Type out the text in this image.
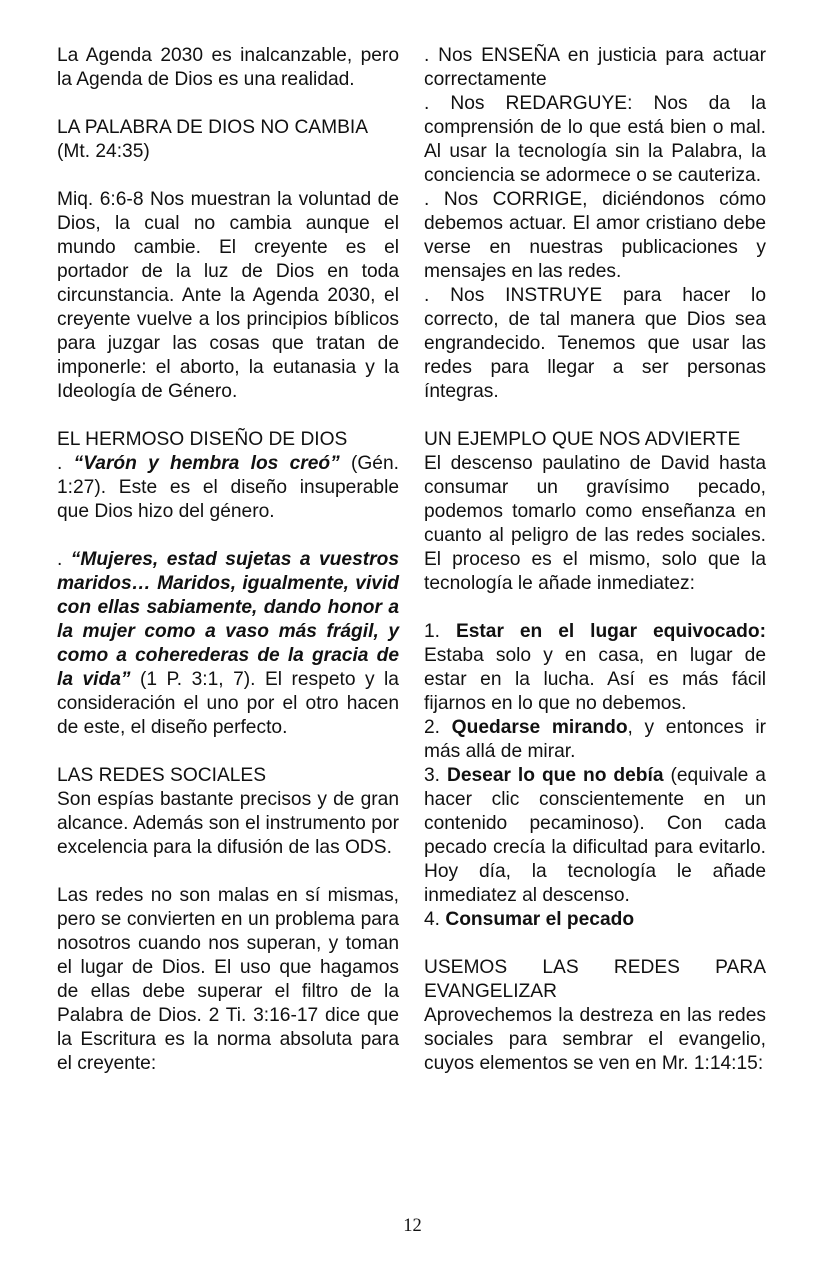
La Agenda 2030 es inalcanzable, pero la Agenda de Dios es una realidad.

LA PALABRA DE DIOS NO CAMBIA (Mt. 24:35)

Miq. 6:6-8 Nos muestran la voluntad de Dios, la cual no cambia aunque el mundo cambie. El creyente es el portador de la luz de Dios en toda circunstancia. Ante la Agenda 2030, el creyente vuelve a los principios bíblicos para juzgar las cosas que tratan de imponerle: el aborto, la eutanasia y la Ideología de Género.

EL HERMOSO DISEÑO DE DIOS

. “Varón y hembra los creó” (Gén. 1:27). Este es el diseño insuperable que Dios hizo del género.

. “Mujeres, estad sujetas a vuestros maridos… Maridos, igualmente, vivid con ellas sabiamente, dando honor a la mujer como a vaso más frágil, y como a coherederas de la gracia de la vida” (1 P. 3:1, 7). El respeto y la consideración el uno por el otro hacen de este, el diseño perfecto.

LAS REDES SOCIALES

Son espías bastante precisos y de gran alcance. Además son el instrumento por excelencia para la difusión de las ODS.

Las redes no son malas en sí mismas, pero se convierten en un problema para nosotros cuando nos superan, y toman el lugar de Dios. El uso que hagamos de ellas debe superar el filtro de la Palabra de Dios. 2 Ti. 3:16-17 dice que la Escritura es la norma absoluta para el creyente:

. Nos ENSEÑA en justicia para actuar correctamente

. Nos REDARGUYE: Nos da la comprensión de lo que está bien o mal. Al usar la tecnología sin la Palabra, la conciencia se adormece o se cauteriza.

. Nos CORRIGE, diciéndonos cómo debemos actuar. El amor cristiano debe verse en nuestras publicaciones y mensajes en las redes.

. Nos INSTRUYE para hacer lo correcto, de tal manera que Dios sea engrandecido. Tenemos que usar las redes para llegar a ser personas íntegras.

UN EJEMPLO QUE NOS ADVIERTE

El descenso paulatino de David hasta consumar un gravísimo pecado, podemos tomarlo como enseñanza en cuanto al peligro de las redes sociales. El proceso es el mismo, solo que la tecnología le añade inmediatez:

1. Estar en el lugar equivocado: Estaba solo y en casa, en lugar de estar en la lucha. Así es más fácil fijarnos en lo que no debemos.

2. Quedarse mirando, y entonces ir más allá de mirar.

3. Desear lo que no debía (equivale a hacer clic conscientemente en un contenido pecaminoso). Con cada pecado crecía la dificultad para evitarlo. Hoy día, la tecnología le añade inmediatez al descenso.

4. Consumar el pecado

USEMOS LAS REDES PARA EVANGELIZAR

Aprovechemos la destreza en las redes sociales para sembrar el evangelio, cuyos elementos se ven en Mr. 1:14:15:

12
